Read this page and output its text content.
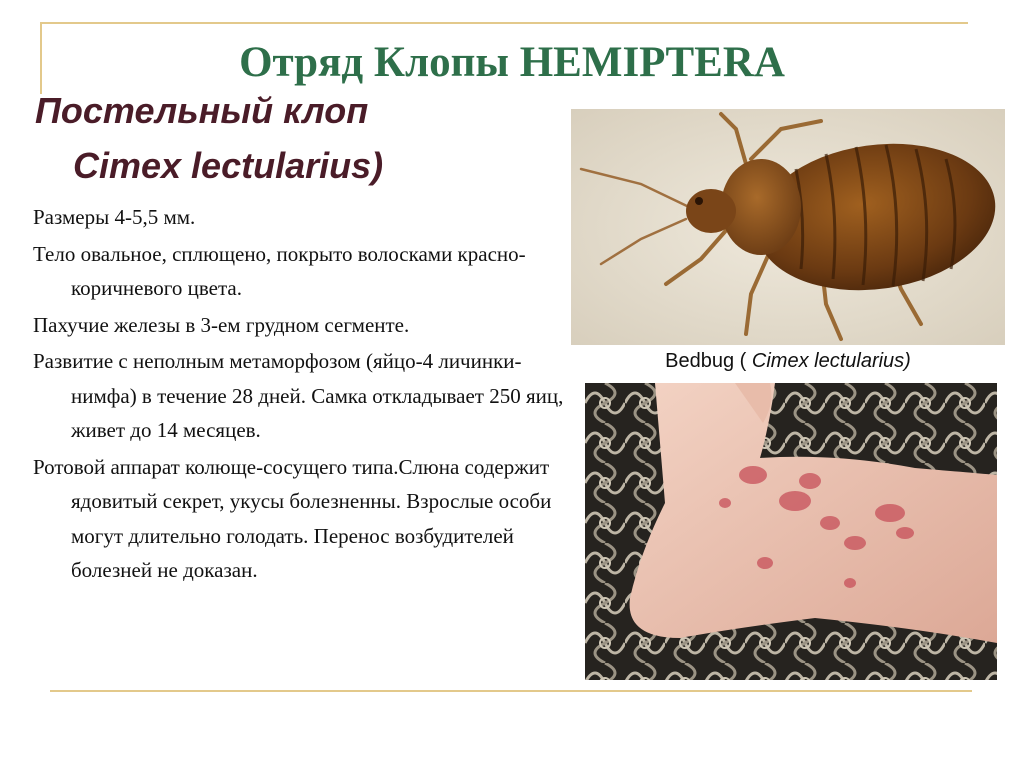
Отряд Клопы HEMIPTERA

Постельный клоп

Cimex lectularius)

Размеры 4-5,5 мм.

Тело овальное, сплющено, покрыто волосками красно-коричневого цвета.

Пахучие железы в 3-ем грудном сегменте.

Развитие с неполным метаморфозом (яйцо-4 личинки-нимфа) в течение 28 дней. Самка откладывает 250 яиц, живет до 14 месяцев.

Ротовой аппарат колюще-сосущего типа.Слюна содержит ядовитый секрет, укусы болезненны. Взрослые особи могут длительно голодать. Перенос возбудителей болезней не доказан.

Bedbug ( Cimex lectularius)
